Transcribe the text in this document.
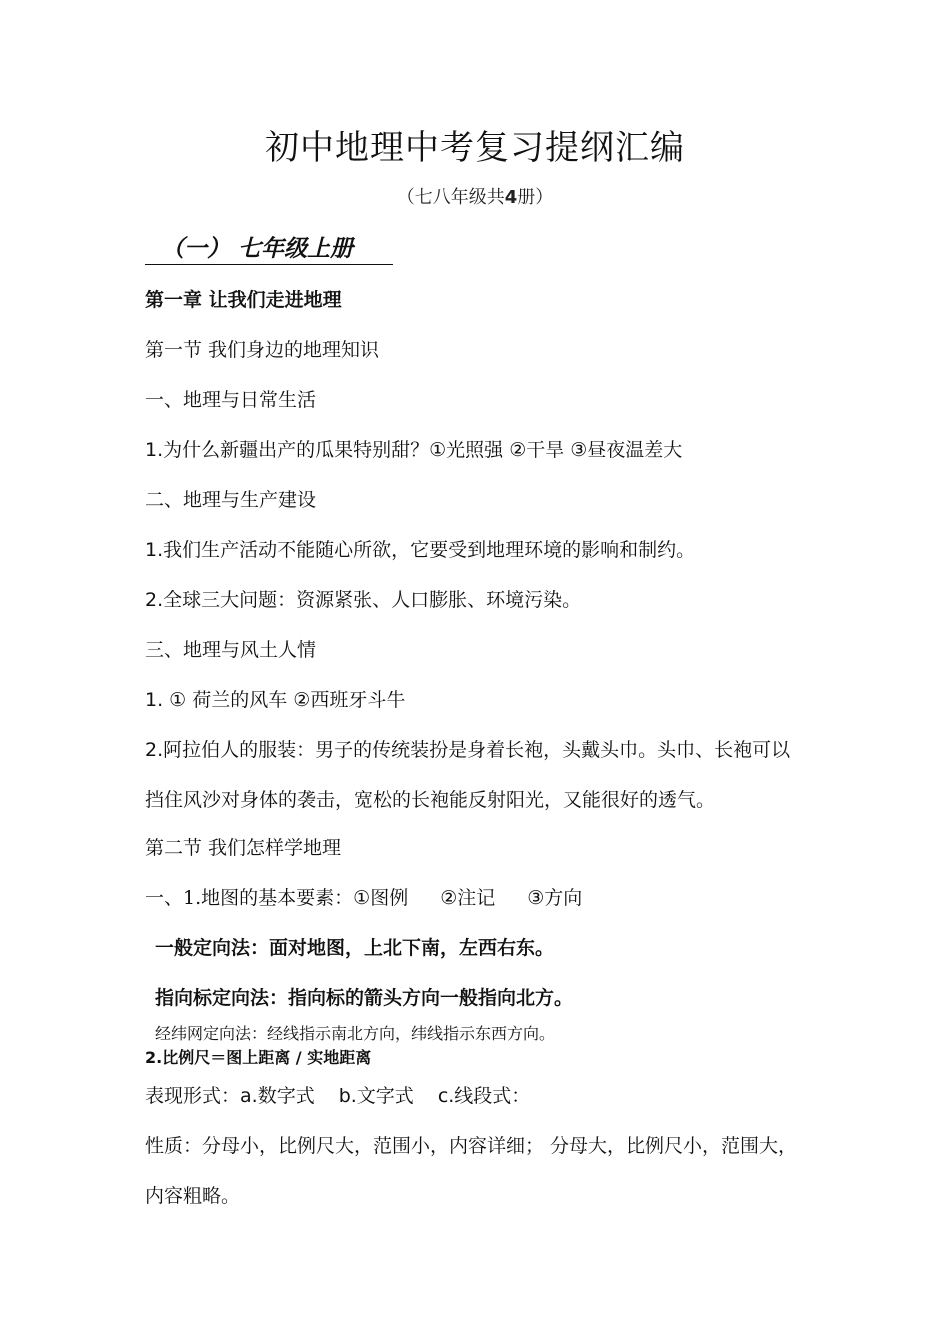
初中地理中考复习提纲汇编
（七八年级共4册）
（一） 七年级上册
第一章 让我们走进地理
第一节 我们身边的地理知识
一、地理与日常生活
1.为什么新疆出产的瓜果特别甜？①光照强 ②干旱 ③昼夜温差大
二、地理与生产建设
1.我们生产活动不能随心所欲，它要受到地理环境的影响和制约。
2.全球三大问题：资源紧张、人口膨胀、环境污染。
三、地理与风土人情
1. ① 荷兰的风车 ②西班牙斗牛
2.阿拉伯人的服装：男子的传统装扮是身着长袍，头戴头巾。头巾、长袍可以
挡住风沙对身体的袭击，宽松的长袍能反射阳光，又能很好的透气。
第二节 我们怎样学地理
一、1.地图的基本要素：①图例 ②注记 ③方向
一般定向法：面对地图，上北下南，左西右东。
指向标定向法：指向标的箭头方向一般指向北方。
经纬网定向法：经线指示南北方向，纬线指示东西方向。
2.比例尺＝图上距离 / 实地距离
表现形式：a.数字式 b.文字式 c.线段式：
性质：分母小，比例尺大，范围小，内容详细； 分母大，比例尺小，范围大，
内容粗略。
